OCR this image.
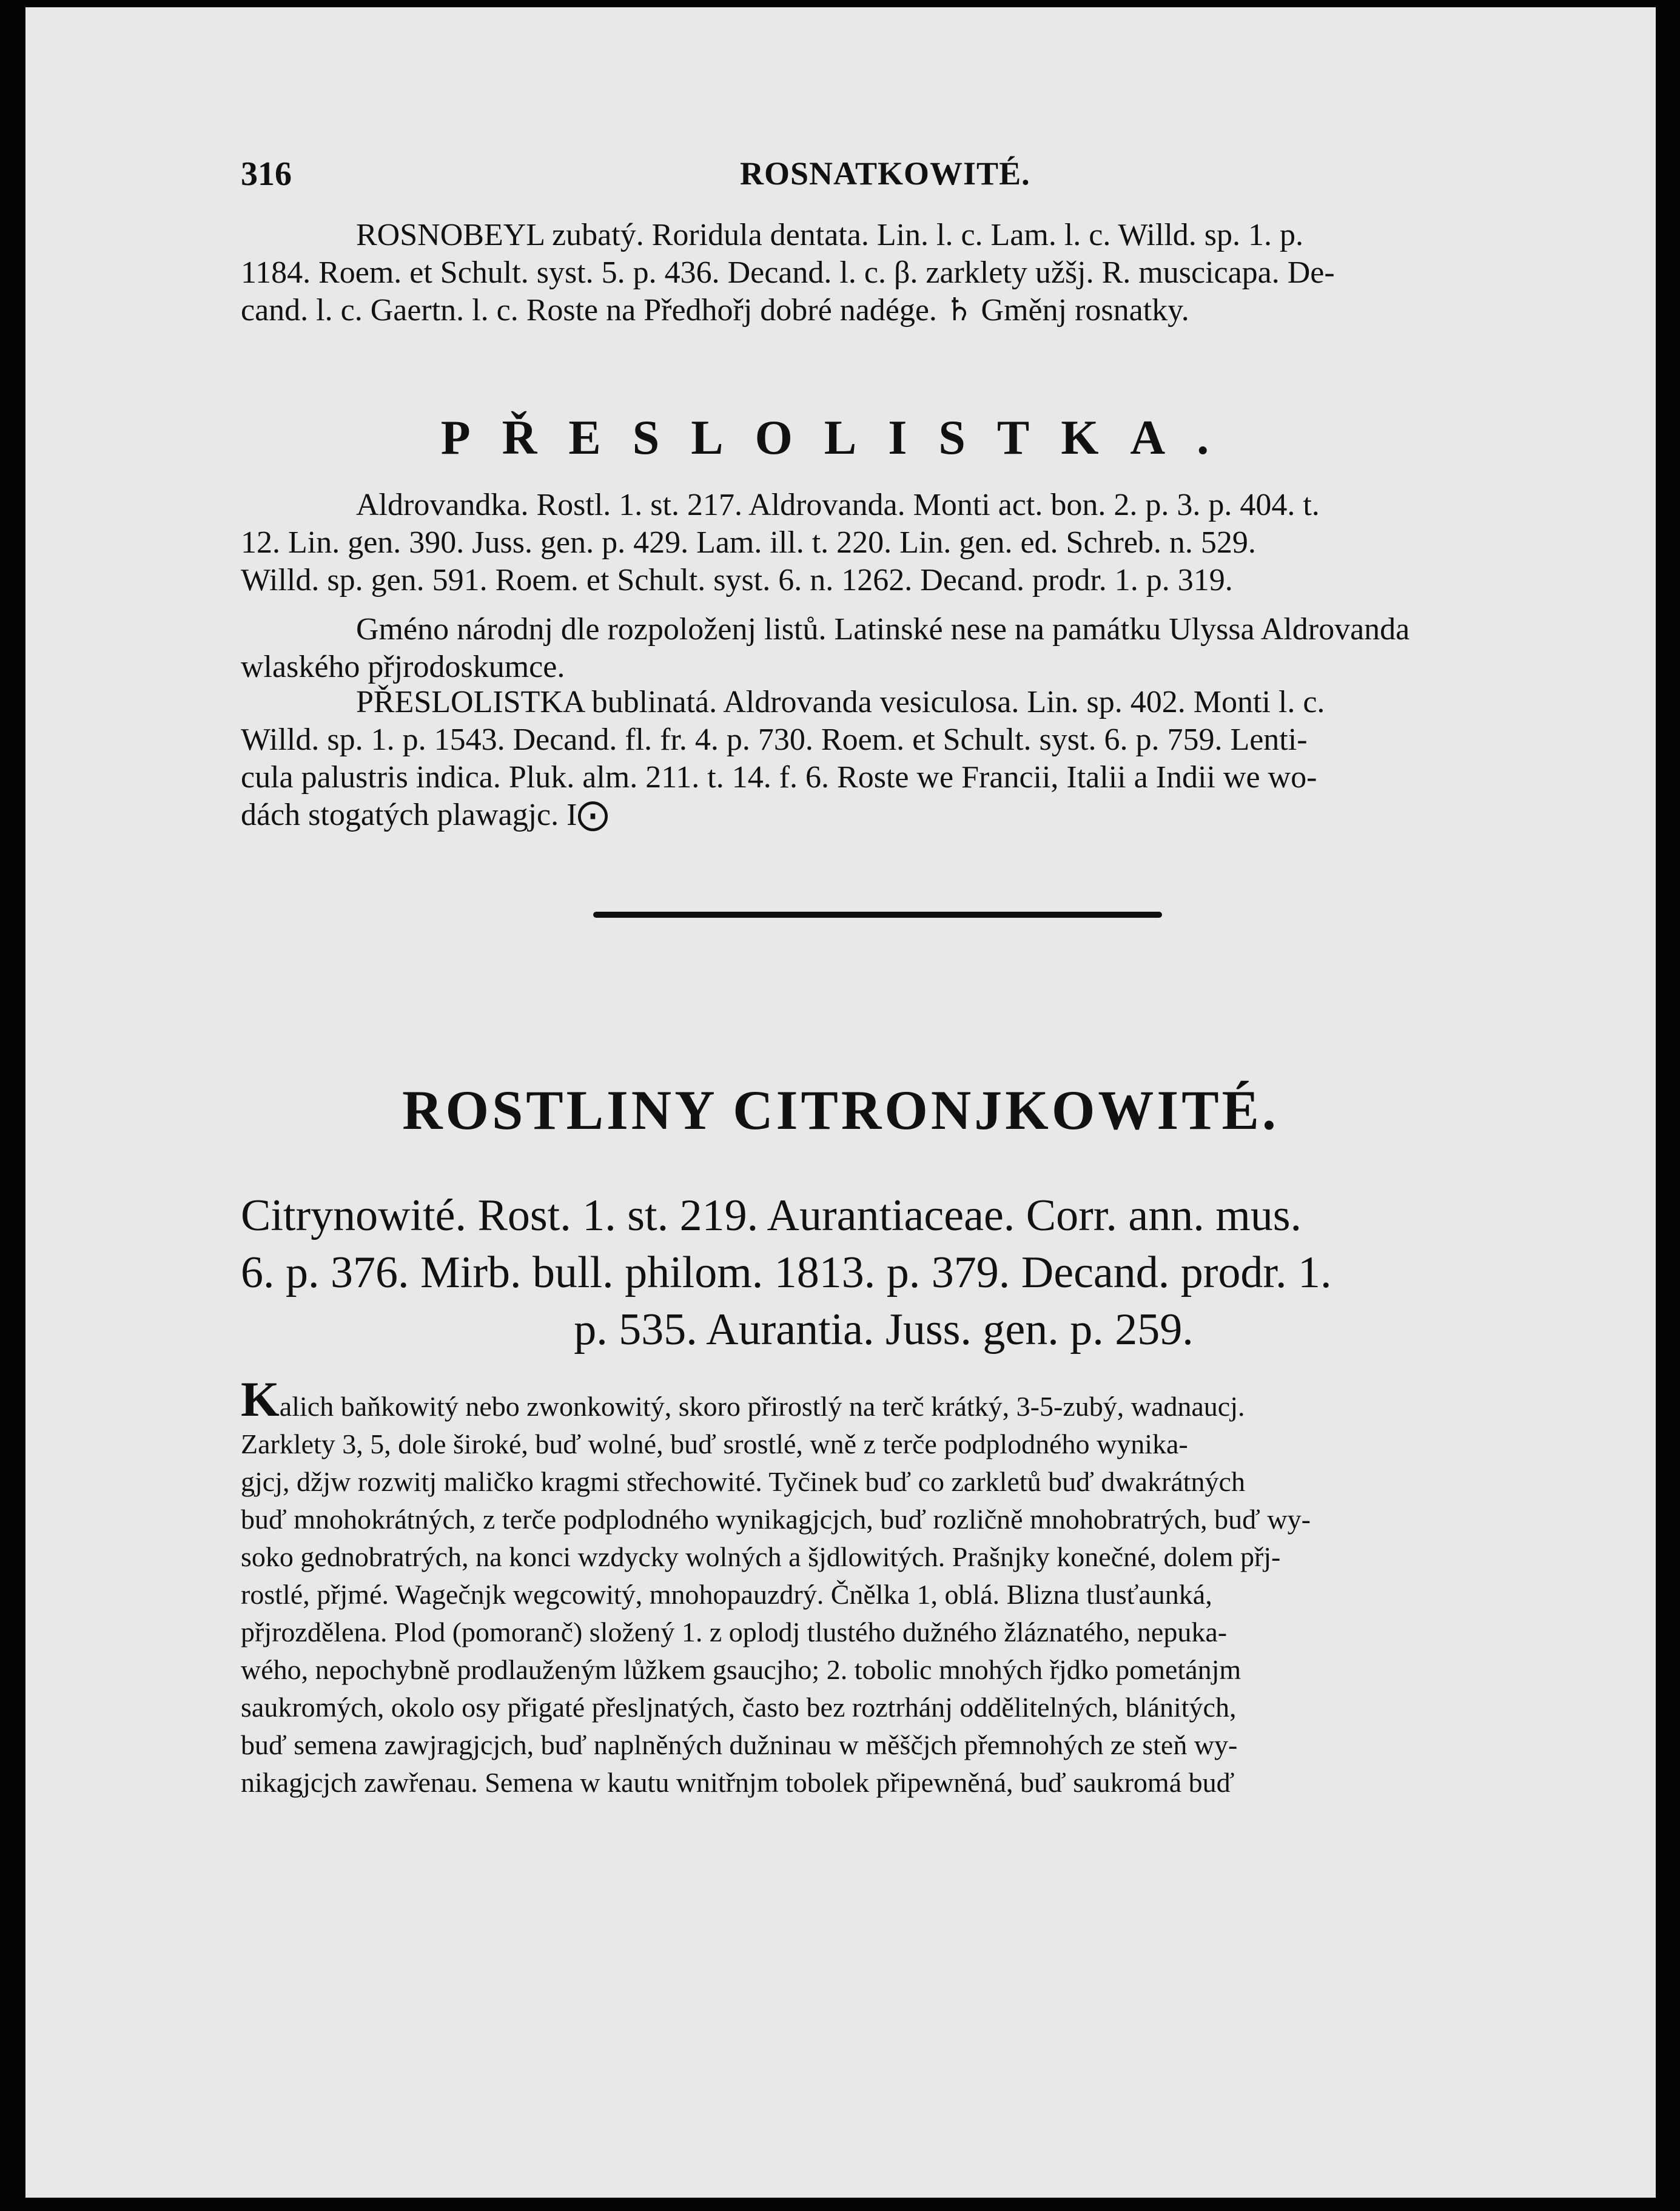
316	ROSNATKOWITÉ.
ROSNOBEYL zubatý. Roridula dentata. Lin. l. c. Lam. l. c. Willd. sp. 1. p.
1184. Roem. et Schult. syst. 5. p. 436. Decand. l. c. β. zarklety užšj. R. muscicapa. De-
cand. l. c. Gaertn. l. c. Roste na Předhořj dobré nadége. ♄ Gměnj rosnatky.
PŘESLOLISTKA.
Aldrovandka. Rostl. 1. st. 217. Aldrovanda. Monti act. bon. 2. p. 3. p. 404. t.
12. Lin. gen. 390. Juss. gen. p. 429. Lam. ill. t. 220. Lin. gen. ed. Schreb. n. 529.
Willd. sp. gen. 591. Roem. et Schult. syst. 6. n. 1262. Decand. prodr. 1. p. 319.
Gméno národnj dle rozpoloženj listů. Latinské nese na památku Ulyssa Aldrovanda
wlaského přjrodoskumce.
PŘESLOLISTKA bublinatá. Aldrovanda vesiculosa. Lin. sp. 402. Monti l. c.
Willd. sp. 1. p. 1543. Decand. fl. fr. 4. p. 730. Roem. et Schult. syst. 6. p. 759. Lenti-
cula palustris indica. Pluk. alm. 211. t. 14. f. 6. Roste we Francii, Italii a Indii we wo-
dách stogatých plawagjc. I⨀
ROSTLINY CITRONJKOWITÉ.
Citrynowité. Rost. 1. st. 219. Aurantiaceae. Corr. ann. mus.
6. p. 376. Mirb. bull. philom. 1813. p. 379. Decand. prodr. 1.
p. 535. Aurantia. Juss. gen. p. 259.
Kalich baňkowitý nebo zwonkowitý, skoro přirostlý na terč krátký, 3-5-zubý, wadnaucj.
Zarklety 3, 5, dole široké, buď wolné, buď srostlé, wně z terče podplodného wynika-
gjcj, džjw rozwitj maličko kragmi střechowité. Tyčinek buď co zarkletů buď dwakrátných
buď mnohokrátných, z terče podplodného wynikagjcjch, buď rozličně mnohobratrých, buď wy-
soko gednobratrých, na konci wzdycky wolných a šjdlowitých. Prašnjky konečné, dolem přj-
rostlé, přjmé. Wagečnjk wegcowitý, mnohopauzdrý. Čnělka 1, oblá. Blizna tlusťaunká,
přjrozdělena. Plod (pomoranč) složený 1. z oplodj tlustého dužného žláznatého, nepuka-
wého, nepochybně prodlauženým lůžkem gsaucjho; 2. tobolic mnohých řjdko pometánjm
saukromých, okolo osy přigaté přesljnatých, často bez roztrhánj oddělitelných, blánitých,
buď semena zawjragjcjch, buď naplněných dužninau w měščjch přemnohých ze steň wy-
nikagjcjch zawřenau. Semena w kautu wnitřnjm tobolek připewněná, buď saukromá buď
